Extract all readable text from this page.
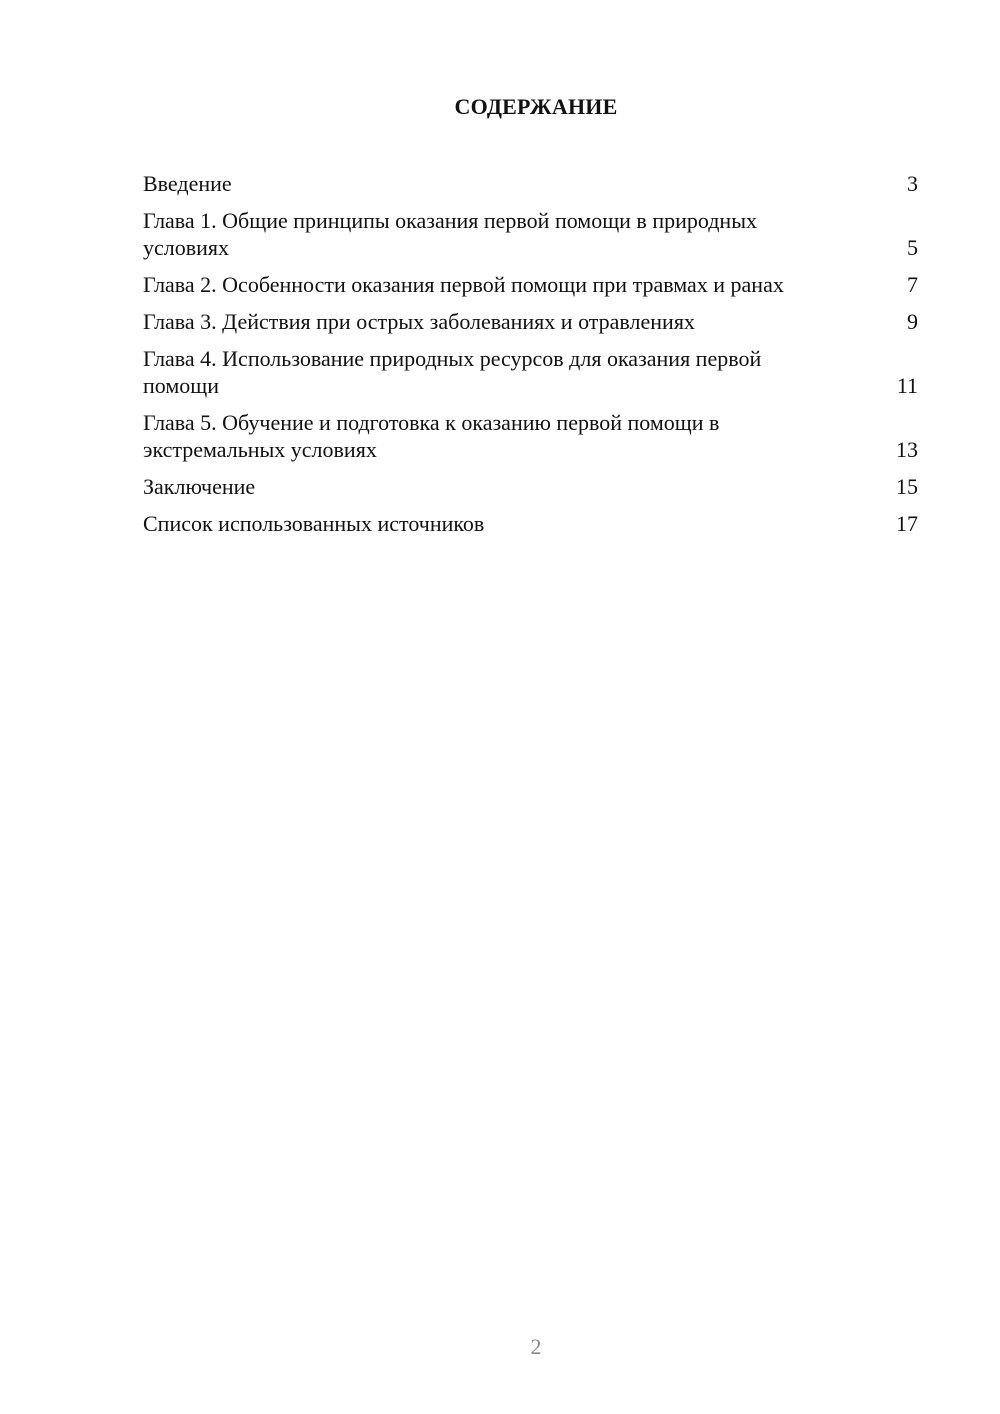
СОДЕРЖАНИЕ
Введение	3
Глава 1. Общие принципы оказания первой помощи в природных условиях	5
Глава 2. Особенности оказания первой помощи при травмах и ранах	7
Глава 3. Действия при острых заболеваниях и отравлениях	9
Глава 4. Использование природных ресурсов для оказания первой помощи	11
Глава 5. Обучение и подготовка к оказанию первой помощи в экстремальных условиях	13
Заключение	15
Список использованных источников	17
2
